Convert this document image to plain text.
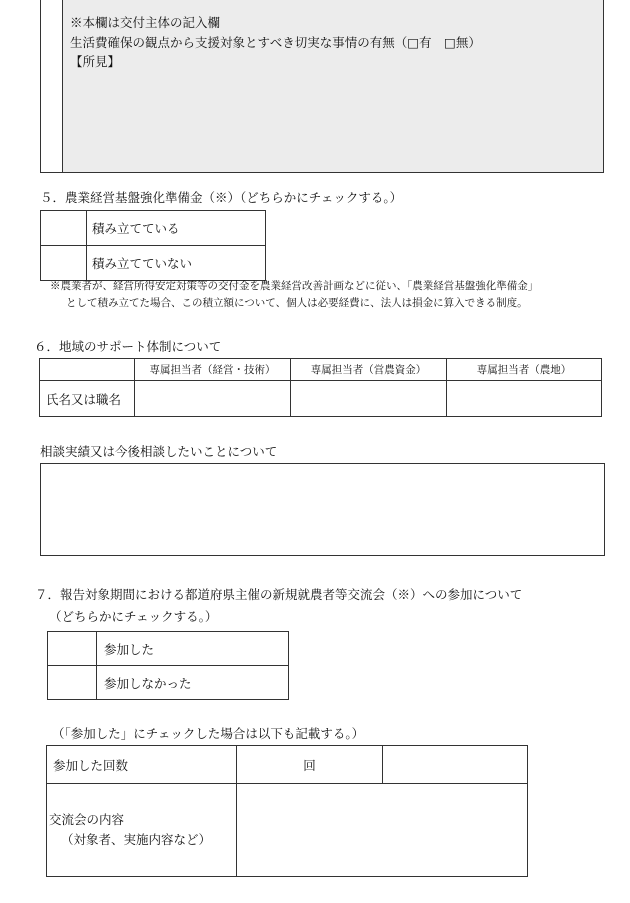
※本欄は交付主体の記入欄
生活費確保の観点から支援対象とすべき切実な事情の有無（□有　□無）
【所見】
５．農業経営基盤強化準備金（※）（どちらかにチェックする。）
	積み立てている
	積み立てていない
※農業者が、経営所得安定対策等の交付金を農業経営改善計画などに従い、「農業経営基盤強化準備金」
として積み立てた場合、この積立額について、個人は必要経費に、法人は損金に算入できる制度。
６．地域のサポート体制について
	専属担当者（経営・技術）	専属担当者（営農資金）	専属担当者（農地）
氏名又は職名			
相談実績又は今後相談したいことについて
７．報告対象期間における都道府県主催の新規就農者等交流会（※）への参加について
（どちらかにチェックする。）
	参加した
	参加しなかった
（「参加した」にチェックした場合は以下も記載する。）
参加した回数	回	

交流会の内容
（対象者、実施内容など）		
